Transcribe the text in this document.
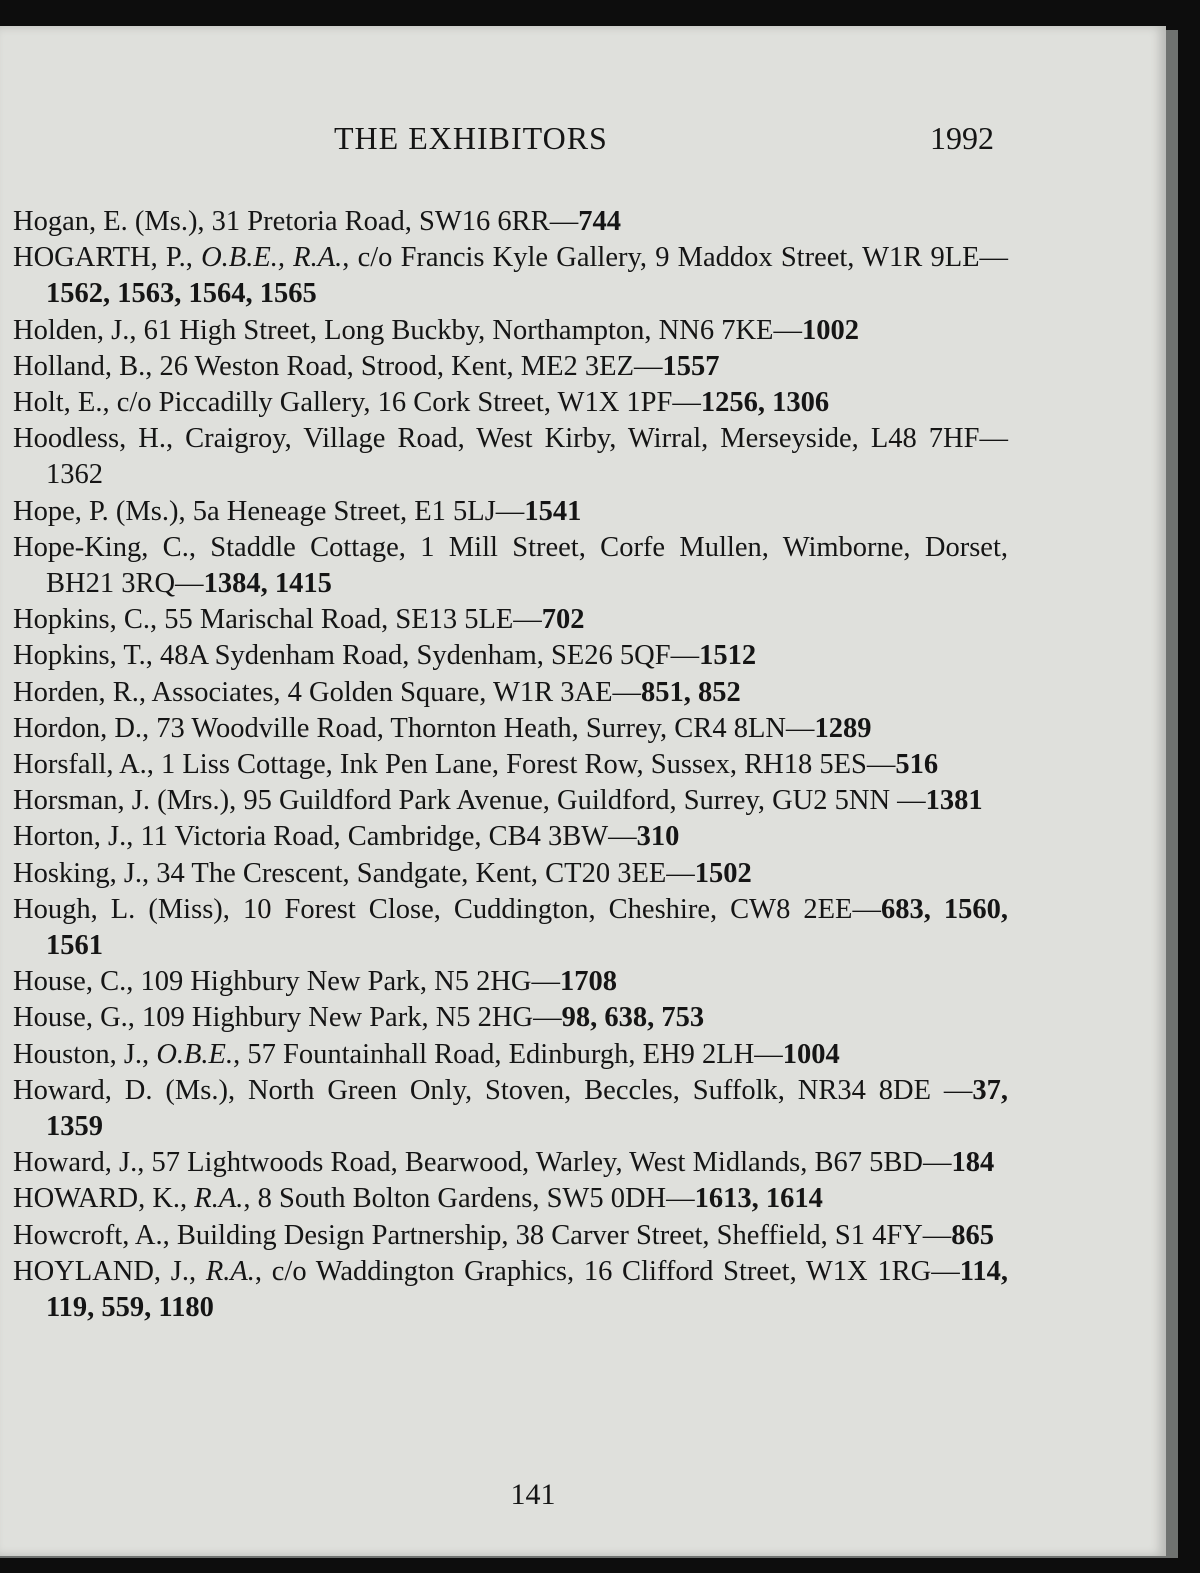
THE EXHIBITORS	1992
Hogan, E. (Ms.), 31 Pretoria Road, SW16 6RR—744
HOGARTH, P., O.B.E., R.A., c/o Francis Kyle Gallery, 9 Maddox Street, W1R 9LE—1562, 1563, 1564, 1565
Holden, J., 61 High Street, Long Buckby, Northampton, NN6 7KE—1002
Holland, B., 26 Weston Road, Strood, Kent, ME2 3EZ—1557
Holt, E., c/o Piccadilly Gallery, 16 Cork Street, W1X 1PF—1256, 1306
Hoodless, H., Craigroy, Village Road, West Kirby, Wirral, Merseyside, L48 7HF—1362
Hope, P. (Ms.), 5a Heneage Street, E1 5LJ—1541
Hope-King, C., Staddle Cottage, 1 Mill Street, Corfe Mullen, Wimborne, Dorset, BH21 3RQ—1384, 1415
Hopkins, C., 55 Marischal Road, SE13 5LE—702
Hopkins, T., 48A Sydenham Road, Sydenham, SE26 5QF—1512
Horden, R., Associates, 4 Golden Square, W1R 3AE—851, 852
Hordon, D., 73 Woodville Road, Thornton Heath, Surrey, CR4 8LN—1289
Horsfall, A., 1 Liss Cottage, Ink Pen Lane, Forest Row, Sussex, RH18 5ES—516
Horsman, J. (Mrs.), 95 Guildford Park Avenue, Guildford, Surrey, GU2 5NN —1381
Horton, J., 11 Victoria Road, Cambridge, CB4 3BW—310
Hosking, J., 34 The Crescent, Sandgate, Kent, CT20 3EE—1502
Hough, L. (Miss), 10 Forest Close, Cuddington, Cheshire, CW8 2EE—683, 1560, 1561
House, C., 109 Highbury New Park, N5 2HG—1708
House, G., 109 Highbury New Park, N5 2HG—98, 638, 753
Houston, J., O.B.E., 57 Fountainhall Road, Edinburgh, EH9 2LH—1004
Howard, D. (Ms.), North Green Only, Stoven, Beccles, Suffolk, NR34 8DE —37, 1359
Howard, J., 57 Lightwoods Road, Bearwood, Warley, West Midlands, B67 5BD—184
HOWARD, K., R.A., 8 South Bolton Gardens, SW5 0DH—1613, 1614
Howcroft, A., Building Design Partnership, 38 Carver Street, Sheffield, S1 4FY—865
HOYLAND, J., R.A., c/o Waddington Graphics, 16 Clifford Street, W1X 1RG—114, 119, 559, 1180
141
